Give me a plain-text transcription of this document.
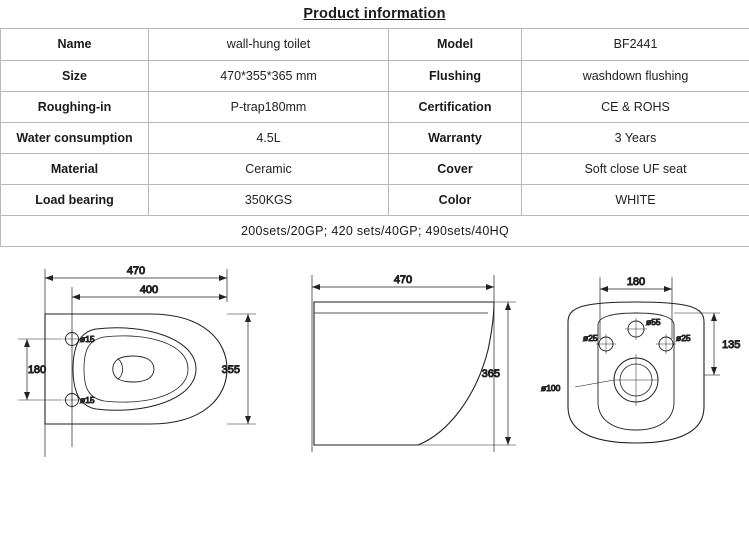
Product information
Name	wall-hung toilet	Model	BF2441
Size	470*355*365 mm	Flushing	washdown flushing
Roughing-in	P-trap180mm	Certification	CE & ROHS
Water consumption	4.5L	Warranty	3 Years
Material	Ceramic	Cover	Soft close UF seat
Load bearing	350KGS	Color	WHITE
200sets/20GP; 420 sets/40GP; 490sets/40HQ			
470
400
ø15
ø15
180	355
470
365
180
ø55
ø25	ø25
ø100
135
